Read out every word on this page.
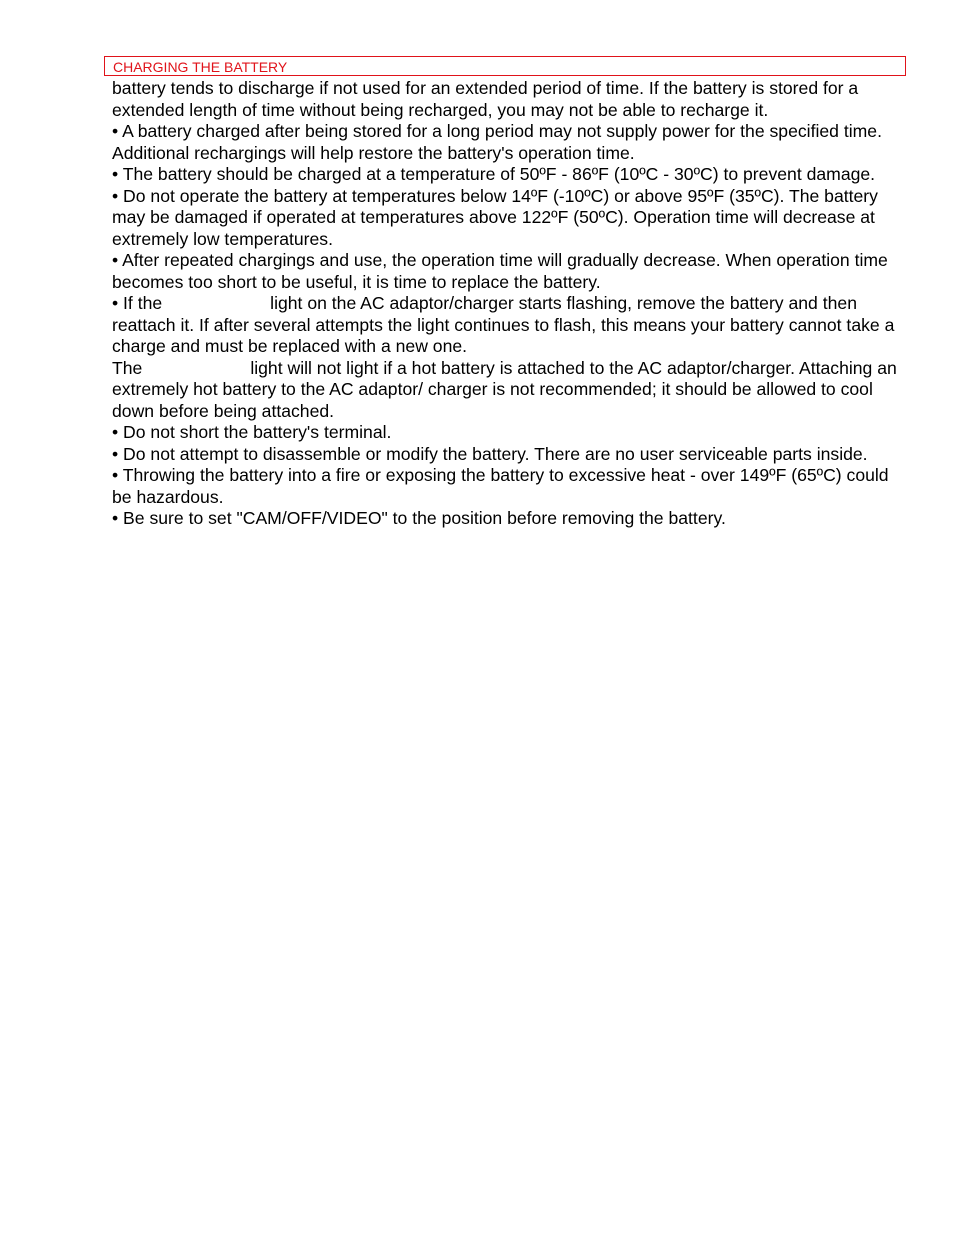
CHARGING THE BATTERY

battery tends to discharge if not used for an extended period of time. If the battery is stored for a extended length of time without being recharged, you may not be able to recharge it.

• A battery charged after being stored for a long period may not supply power for the specified time. Additional rechargings will help restore the battery's operation time.

• The battery should be charged at a temperature of 50ºF - 86ºF (10ºC - 30ºC) to prevent damage.

• Do not operate the battery at temperatures below 14ºF (-10ºC) or above 95ºF (35ºC). The battery may be damaged if operated at temperatures above 122ºF (50ºC). Operation time will decrease at extremely low temperatures.

• After repeated chargings and use, the operation time will gradually decrease. When operation time becomes too short to be useful, it is time to replace the battery.

• If the	light on the AC adaptor/charger starts flashing, remove the battery and then reattach it. If after several attempts the light continues to flash, this means your battery cannot take a charge and must be replaced with a new one.

The	light will not light if a hot battery is attached to the AC adaptor/charger. Attaching an extremely hot battery to the AC adaptor/ charger is not recommended; it should be allowed to cool down before being attached.

• Do not short the battery's terminal.

• Do not attempt to disassemble or modify the battery. There are no user serviceable parts inside.

• Throwing the battery into a fire or exposing the battery to excessive heat - over 149ºF (65ºC) could be hazardous.

• Be sure to set "CAM/OFF/VIDEO" to the position before removing the battery.
